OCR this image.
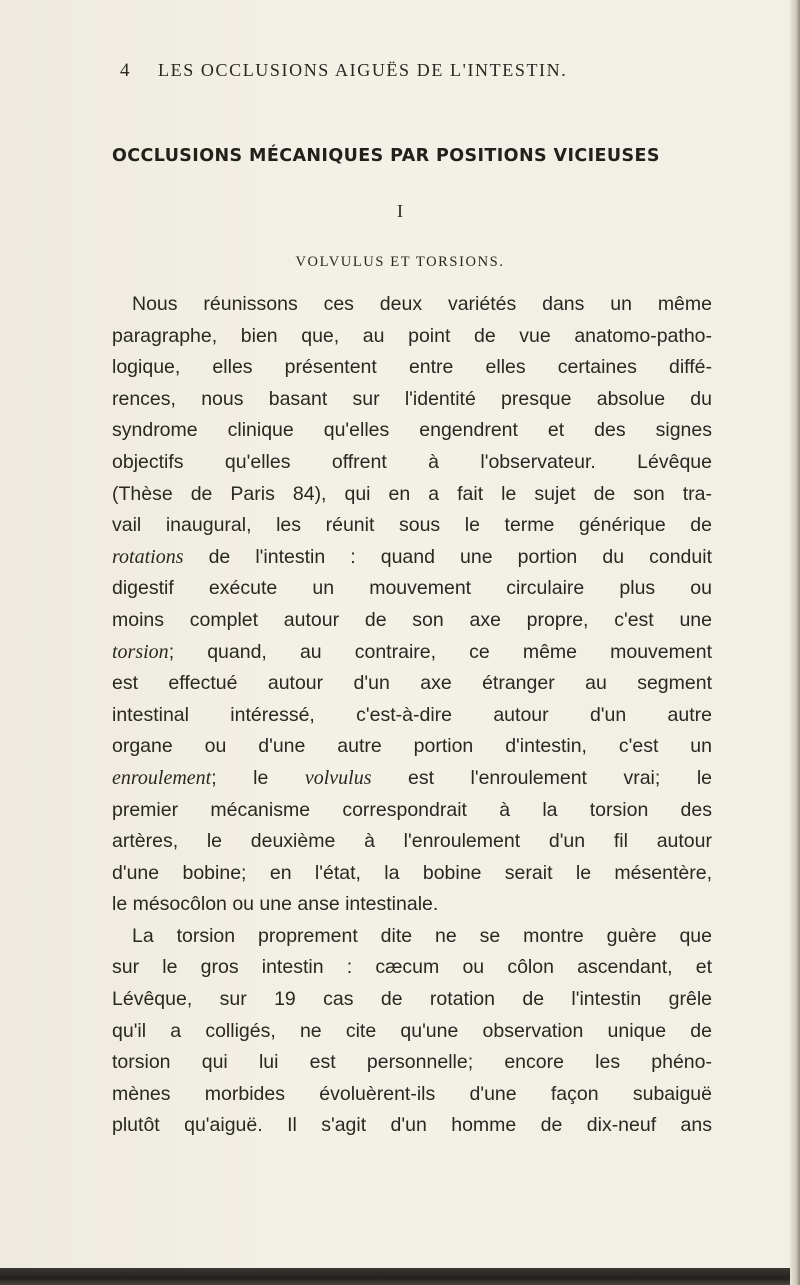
4 LES OCCLUSIONS AIGUËS DE L'INTESTIN.
OCCLUSIONS MÉCANIQUES PAR POSITIONS VICIEUSES
I
VOLVULUS ET TORSIONS.
Nous réunissons ces deux variétés dans un même
paragraphe, bien que, au point de vue anatomo-patho-
logique, elles présentent entre elles certaines diffé-
rences, nous basant sur l'identité presque absolue du
syndrome clinique qu'elles engendrent et des signes
objectifs qu'elles offrent à l'observateur. Lévêque
(Thèse de Paris 84), qui en a fait le sujet de son tra-
vail inaugural, les réunit sous le terme générique de
rotations de l'intestin : quand une portion du conduit
digestif exécute un mouvement circulaire plus ou
moins complet autour de son axe propre, c'est une
torsion; quand, au contraire, ce même mouvement
est effectué autour d'un axe étranger au segment
intestinal intéressé, c'est-à-dire autour d'un autre
organe ou d'une autre portion d'intestin, c'est un
enroulement; le volvulus est l'enroulement vrai; le
premier mécanisme correspondrait à la torsion des
artères, le deuxième à l'enroulement d'un fil autour
d'une bobine; en l'état, la bobine serait le mésentère,
le mésocôlon ou une anse intestinale.
La torsion proprement dite ne se montre guère que
sur le gros intestin : cæcum ou côlon ascendant, et
Lévêque, sur 19 cas de rotation de l'intestin grêle
qu'il a colligés, ne cite qu'une observation unique de
torsion qui lui est personnelle; encore les phéno-
mènes morbides évoluèrent-ils d'une façon subaiguë
plutôt qu'aiguë. Il s'agit d'un homme de dix-neuf ans
